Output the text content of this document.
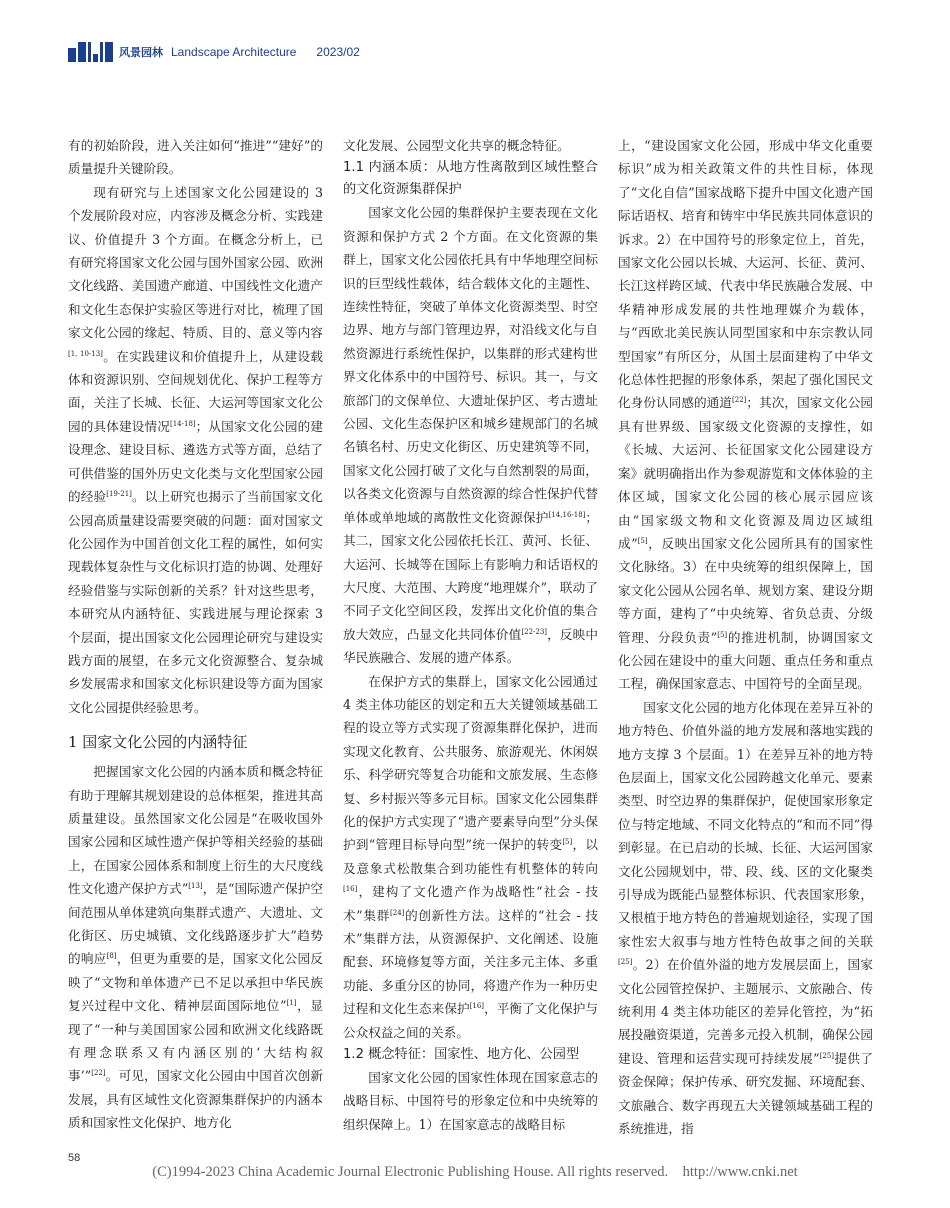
风景园林 Landscape Architecture 2023/02

有的初始阶段，进入关注如何“推进”“建好”的质量提升关键阶段。

现有研究与上述国家文化公园建设的 3 个发展阶段对应，内容涉及概念分析、实践建议、价值提升 3 个方面。在概念分析上，已有研究将国家文化公园与国外国家公园、欧洲文化线路、美国遗产廊道、中国线性文化遗产和文化生态保护实验区等进行对比，梳理了国家文化公园的缘起、特质、目的、意义等内容[1, 10-13]。在实践建议和价值提升上，从建设载体和资源识别、空间规划优化、保护工程等方面，关注了长城、长征、大运河等国家文化公园的具体建设情况[14-18]；从国家文化公园的建设理念、建设目标、遴选方式等方面，总结了可供借鉴的国外历史文化类与文化型国家公园的经验[19-21]。以上研究也揭示了当前国家文化公园高质量建设需要突破的问题：面对国家文化公园作为中国首创文化工程的属性，如何实现载体复杂性与文化标识打造的协调、处理好经验借鉴与实际创新的关系？针对这些思考，本研究从内涵特征、实践进展与理论探索 3 个层面，提出国家文化公园理论研究与建设实践方面的展望，在多元文化资源整合、复杂城乡发展需求和国家文化标识建设等方面为国家文化公园提供经验思考。

1 国家文化公园的内涵特征

把握国家文化公园的内涵本质和概念特征有助于理解其规划建设的总体框架，推进其高质量建设。虽然国家文化公园是“在吸收国外国家公园和区域性遗产保护等相关经验的基础上，在国家公园体系和制度上衍生的大尺度线性文化遗产保护方式”[13]，是“国际遗产保护空间范围从单体建筑向集群式遗产、大遗址、文化街区、历史城镇、文化线路逐步扩大”趋势的响应[8]，但更为重要的是，国家文化公园反映了“文物和单体遗产已不足以承担中华民族复兴过程中文化、精神层面国际地位”[1]，显现了“一种与美国国家公园和欧洲文化线路既有理念联系又有内涵区别的‘大结构叙事’”[22]。可见，国家文化公园由中国首次创新发展，具有区域性文化资源集群保护的内涵本质和国家性文化保护、地方化

文化发展、公园型文化共享的概念特征。

1.1 内涵本质：从地方性离散到区域性整合的文化资源集群保护

国家文化公园的集群保护主要表现在文化资源和保护方式 2 个方面。在文化资源的集群上，国家文化公园依托具有中华地理空间标识的巨型线性载体，结合载体文化的主题性、连续性特征，突破了单体文化资源类型、时空边界、地方与部门管理边界，对沿线文化与自然资源进行系统性保护，以集群的形式建构世界文化体系中的中国符号、标识。其一，与文旅部门的文保单位、大遗址保护区、考古遗址公园、文化生态保护区和城乡建规部门的名城名镇名村、历史文化街区、历史建筑等不同，国家文化公园打破了文化与自然割裂的局面，以各类文化资源与自然资源的综合性保护代替单体或单地域的离散性文化资源保护[14,16-18]；其二，国家文化公园依托长江、黄河、长征、大运河、长城等在国际上有影响力和话语权的大尺度、大范围、大跨度“地理媒介”，联动了不同子文化空间区段，发挥出文化价值的集合放大效应，凸显文化共同体价值[22-23]，反映中华民族融合、发展的遗产体系。

在保护方式的集群上，国家文化公园通过 4 类主体功能区的划定和五大关键领域基础工程的设立等方式实现了资源集群化保护，进而实现文化教育、公共服务、旅游观光、休闲娱乐、科学研究等复合功能和文旅发展、生态修复、乡村振兴等多元目标。国家文化公园集群化的保护方式实现了“遗产要素导向型”分头保护到“管理目标导向型”统一保护的转变[5]，以及意象式松散集合到功能性有机整体的转向[16]，建构了文化遗产作为战略性“社会 - 技术”集群[24]的创新性方法。这样的“社会 - 技术”集群方法，从资源保护、文化阐述、设施配套、环境修复等方面，关注多元主体、多重功能、多重分区的协同，将遗产作为一种历史过程和文化生态来保护[16]，平衡了文化保护与公众权益之间的关系。

1.2 概念特征：国家性、地方化、公园型

国家文化公园的国家性体现在国家意志的战略目标、中国符号的形象定位和中央统筹的组织保障上。1）在国家意志的战略目标

上，“建设国家文化公园，形成中华文化重要标识”成为相关政策文件的共性目标，体现了“文化自信”国家战略下提升中国文化遗产国际话语权、培育和铸牢中华民族共同体意识的诉求。2）在中国符号的形象定位上，首先，国家文化公园以长城、大运河、长征、黄河、长江这样跨区域、代表中华民族融合发展、中华精神形成发展的共性地理媒介为载体，与“西欧北美民族认同型国家和中东宗教认同型国家”有所区分，从国土层面建构了中华文化总体性把握的形象体系，架起了强化国民文化身份认同感的通道[22]；其次，国家文化公园具有世界级、国家级文化资源的支撑性，如《长城、大运河、长征国家文化公园建设方案》就明确指出作为参观游览和文体体验的主体区域，国家文化公园的核心展示园应该由“国家级文物和文化资源及周边区域组成”[5]，反映出国家文化公园所具有的国家性文化脉络。3）在中央统筹的组织保障上，国家文化公园从公园名单、规划方案、建设分期等方面，建构了“中央统筹、省负总责、分级管理、分段负责”[5]的推进机制，协调国家文化公园在建设中的重大问题、重点任务和重点工程，确保国家意志、中国符号的全面呈现。

国家文化公园的地方化体现在差异互补的地方特色、价值外溢的地方发展和落地实践的地方支撑 3 个层面。1）在差异互补的地方特色层面上，国家文化公园跨越文化单元、要素类型、时空边界的集群保护，促使国家形象定位与特定地域、不同文化特点的“和而不同”得到彰显。在已启动的长城、长征、大运河国家文化公园规划中，带、段、线、区的文化聚类引导成为既能凸显整体标识、代表国家形象，又根植于地方特色的普遍规划途径，实现了国家性宏大叙事与地方性特色故事之间的关联[25]。2）在价值外溢的地方发展层面上，国家文化公园管控保护、主题展示、文旅融合、传统利用 4 类主体功能区的差异化管控，为“拓展投融资渠道，完善多元投入机制，确保公园建设、管理和运营实现可持续发展”[25]提供了资金保障；保护传承、研究发掘、环境配套、文旅融合、数字再现五大关键领域基础工程的系统推进，指

58
(C)1994-2023 China Academic Journal Electronic Publishing House. All rights reserved.    http://www.cnki.net
